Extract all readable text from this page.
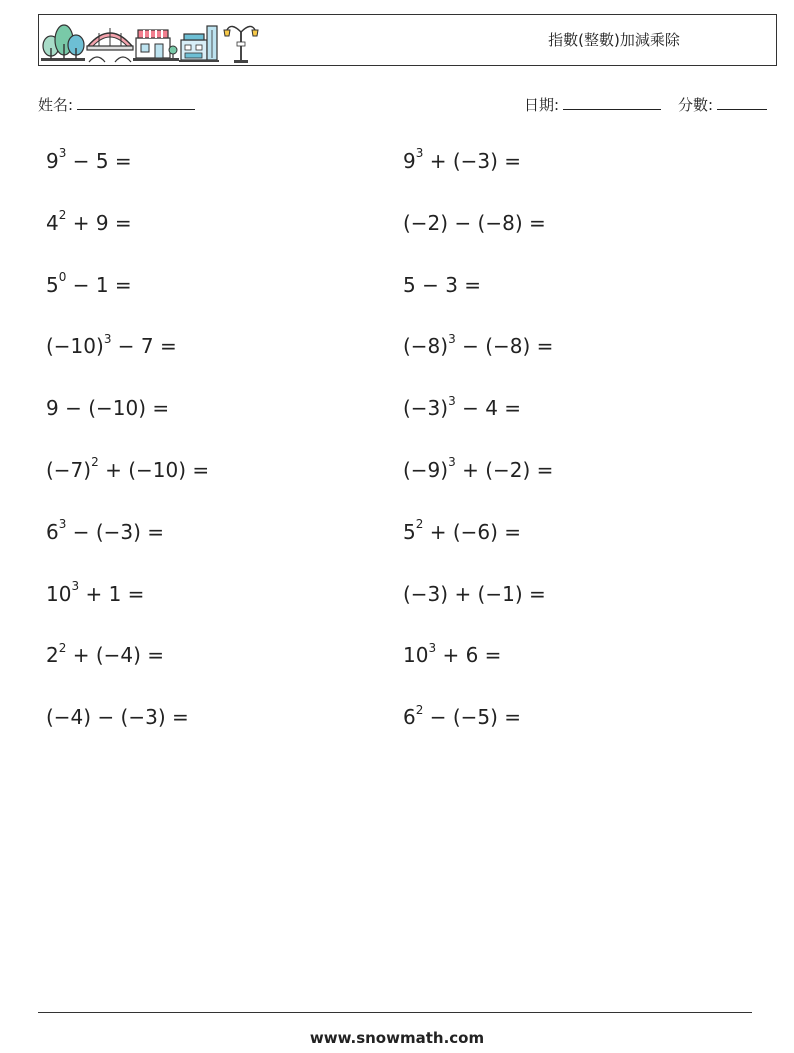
指數(整數)加減乘除
姓名:	日期:	分數:
$9^3 - 5$ =	$9^3 + (-3)$ =
$4^2 + 9$ =	(−2) − (−8) =
$5^0 - 1$ =	5 − 3 =
$(-10)^3 - 7$ =	$(-8)^3 - (-8)$ =
9 − (−10) =	$(-3)^3 - 4$ =
$(-7)^2 + (-10)$ =	$(-9)^3 + (-2)$ =
$6^3 - (-3)$ =	$5^2 + (-6)$ =
$10^3 + 1$ =	(−3) + (−1) =
$2^2 + (-4)$ =	$10^3 + 6$ =
(−4) − (−3) =	$6^2 - (-5)$ =
www.snowmath.com
